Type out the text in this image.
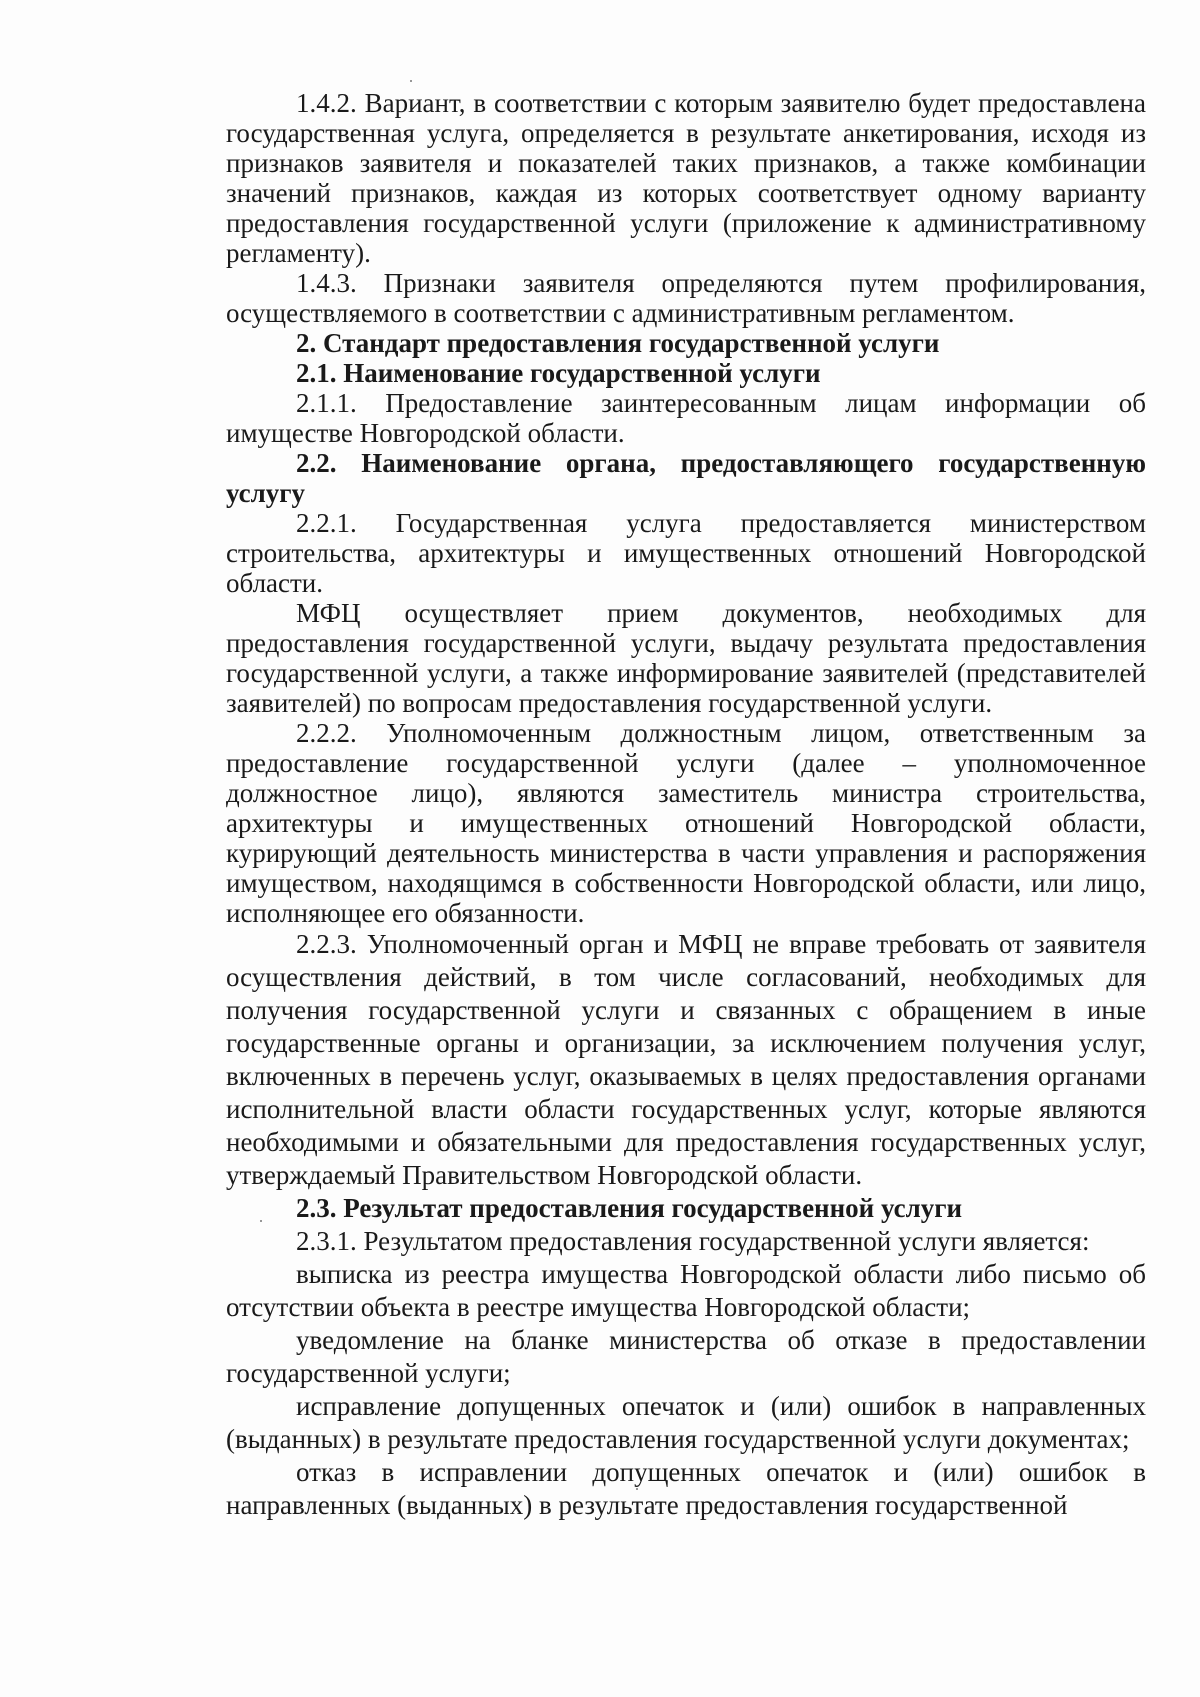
1.4.2. Вариант, в соответствии с которым заявителю будет предоставлена государственная услуга, определяется в результате анкетирования, исходя из признаков заявителя и показателей таких признаков, а также комбинации значений признаков, каждая из которых соответствует одному варианту предоставления государственной услуги (приложение к административному регламенту).

1.4.3. Признаки заявителя определяются путем профилирования, осуществляемого в соответствии с административным регламентом.

2. Стандарт предоставления государственной услуги

2.1. Наименование государственной услуги

2.1.1. Предоставление заинтересованным лицам информации об имуществе Новгородской области.

2.2. Наименование органа, предоставляющего государственную услугу

2.2.1. Государственная услуга предоставляется министерством строительства, архитектуры и имущественных отношений Новгородской области.

МФЦ осуществляет прием документов, необходимых для предоставления государственной услуги, выдачу результата предоставления государственной услуги, а также информирование заявителей (представителей заявителей) по вопросам предоставления государственной услуги.

2.2.2. Уполномоченным должностным лицом, ответственным за предоставление государственной услуги (далее – уполномоченное должностное лицо), являются заместитель министра строительства, архитектуры и имущественных отношений Новгородской области, курирующий деятельность министерства в части управления и распоряжения имуществом, находящимся в собственности Новгородской области, или лицо, исполняющее его обязанности.

2.2.3. Уполномоченный орган и МФЦ не вправе требовать от заявителя осуществления действий, в том числе согласований, необходимых для получения государственной услуги и связанных с обращением в иные государственные органы и организации, за исключением получения услуг, включенных в перечень услуг, оказываемых в целях предоставления органами исполнительной власти области государственных услуг, которые являются необходимыми и обязательными для предоставления государственных услуг, утверждаемый Правительством Новгородской области.

2.3. Результат предоставления государственной услуги

2.3.1. Результатом предоставления государственной услуги является:

выписка из реестра имущества Новгородской области либо письмо об отсутствии объекта в реестре имущества Новгородской области;

уведомление на бланке министерства об отказе в предоставлении государственной услуги;

исправление допущенных опечаток и (или) ошибок в направленных (выданных) в результате предоставления государственной услуги документах;

отказ в исправлении допущенных опечаток и (или) ошибок в направленных (выданных) в результате предоставления государственной
